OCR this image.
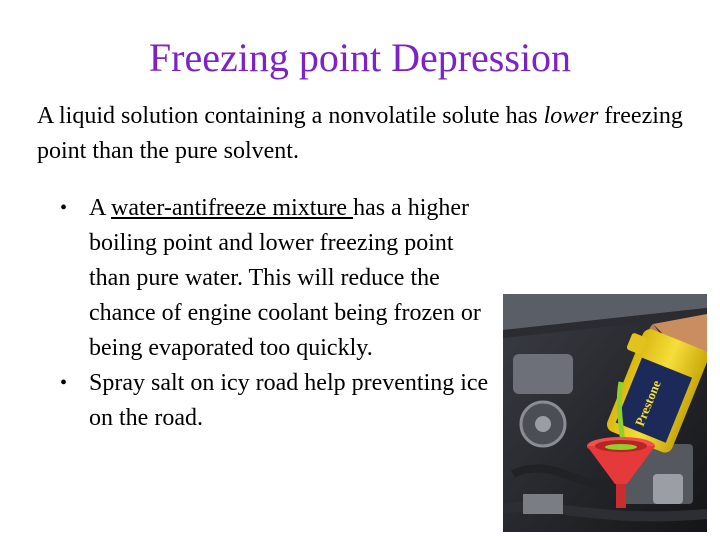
Freezing point Depression
A liquid solution containing a nonvolatile solute has lower freezing point than the pure solvent.
• A water-antifreeze mixture has a higher boiling point and lower freezing point than pure water. This will reduce the chance of engine coolant being frozen or being evaporated too quickly.
• Spray salt on icy road help preventing ice on the road.	Prestone
